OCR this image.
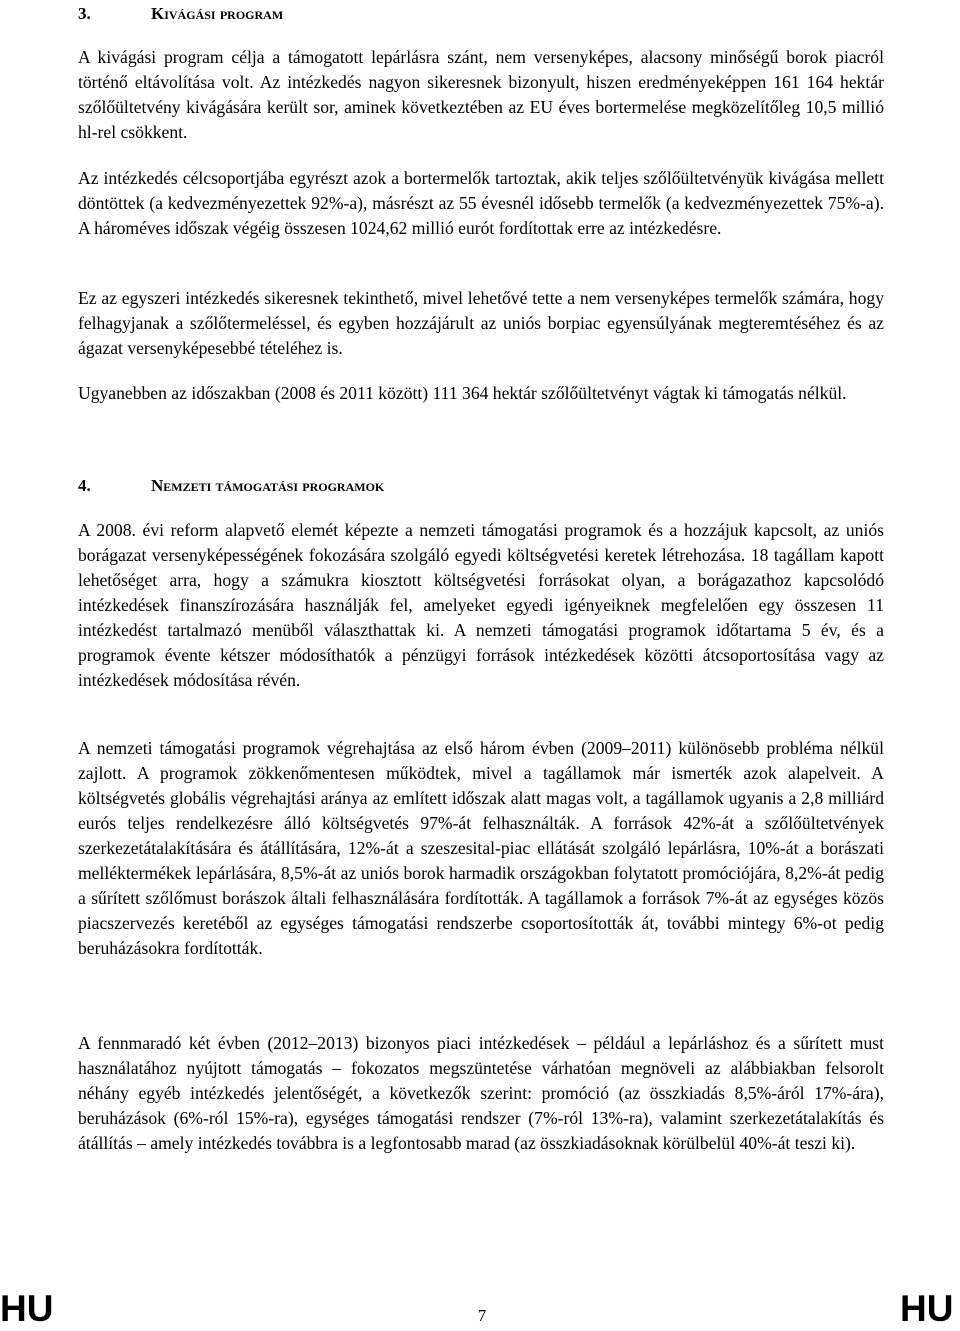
3.	Kivágási program

A kivágási program célja a támogatott lepárlásra szánt, nem versenyképes, alacsony minőségű borok piacról történő eltávolítása volt. Az intézkedés nagyon sikeresnek bizonyult, hiszen eredményeképpen 161 164 hektár szőlőültetvény kivágására került sor, aminek következtében az EU éves bortermelése megközelítőleg 10,5 millió hl-rel csökkent.

Az intézkedés célcsoportjába egyrészt azok a bortermelők tartoztak, akik teljes szőlőültetvényük kivágása mellett döntöttek (a kedvezményezettek 92%-a), másrészt az 55 évesnél idősebb termelők (a kedvezményezettek 75%-a). A hároméves időszak végéig összesen 1024,62 millió eurót fordítottak erre az intézkedésre.

Ez az egyszeri intézkedés sikeresnek tekinthető, mivel lehetővé tette a nem versenyképes termelők számára, hogy felhagyjanak a szőlőtermeléssel, és egyben hozzájárult az uniós borpiac egyensúlyának megteremtéséhez és az ágazat versenyképesebbé tételéhez is.

Ugyanebben az időszakban (2008 és 2011 között) 111 364 hektár szőlőültetvényt vágtak ki támogatás nélkül.

4.	Nemzeti támogatási programok

A 2008. évi reform alapvető elemét képezte a nemzeti támogatási programok és a hozzájuk kapcsolt, az uniós borágazat versenyképességének fokozására szolgáló egyedi költségvetési keretek létrehozása. 18 tagállam kapott lehetőséget arra, hogy a számukra kiosztott költségvetési forrásokat olyan, a borágazathoz kapcsolódó intézkedések finanszírozására használják fel, amelyeket egyedi igényeiknek megfelelően egy összesen 11 intézkedést tartalmazó menüből választhattak ki. A nemzeti támogatási programok időtartama 5 év, és a programok évente kétszer módosíthatók a pénzügyi források intézkedések közötti átcsoportosítása vagy az intézkedések módosítása révén.

A nemzeti támogatási programok végrehajtása az első három évben (2009–2011) különösebb probléma nélkül zajlott. A programok zökkenőmentesen működtek, mivel a tagállamok már ismerték azok alapelveit. A költségvetés globális végrehajtási aránya az említett időszak alatt magas volt, a tagállamok ugyanis a 2,8 milliárd eurós teljes rendelkezésre álló költségvetés 97%-át felhasználták. A források 42%-át a szőlőültetvények szerkezetátalakítására és átállítására, 12%-át a szeszesital-piac ellátását szolgáló lepárlásra, 10%-át a borászati melléktermékek lepárlására, 8,5%-át az uniós borok harmadik országokban folytatott promóciójára, 8,2%-át pedig a sűrített szőlőmust borászok általi felhasználására fordították. A tagállamok a források 7%-át az egységes közös piacszervezés keretéből az egységes támogatási rendszerbe csoportosították át, további mintegy 6%-ot pedig beruházásokra fordították.

A fennmaradó két évben (2012–2013) bizonyos piaci intézkedések – például a lepárláshoz és a sűrített must használatához nyújtott támogatás – fokozatos megszüntetése várhatóan megnöveli az alábbiakban felsorolt néhány egyéb intézkedés jelentőségét, a következők szerint: promóció (az összkiadás 8,5%-áról 17%-ára), beruházások (6%-ról 15%-ra), egységes támogatási rendszer (7%-ról 13%-ra), valamint szerkezetátalakítás és átállítás – amely intézkedés továbbra is a legfontosabb marad (az összkiadásoknak körülbelül 40%-át teszi ki).

HU	7	HU
